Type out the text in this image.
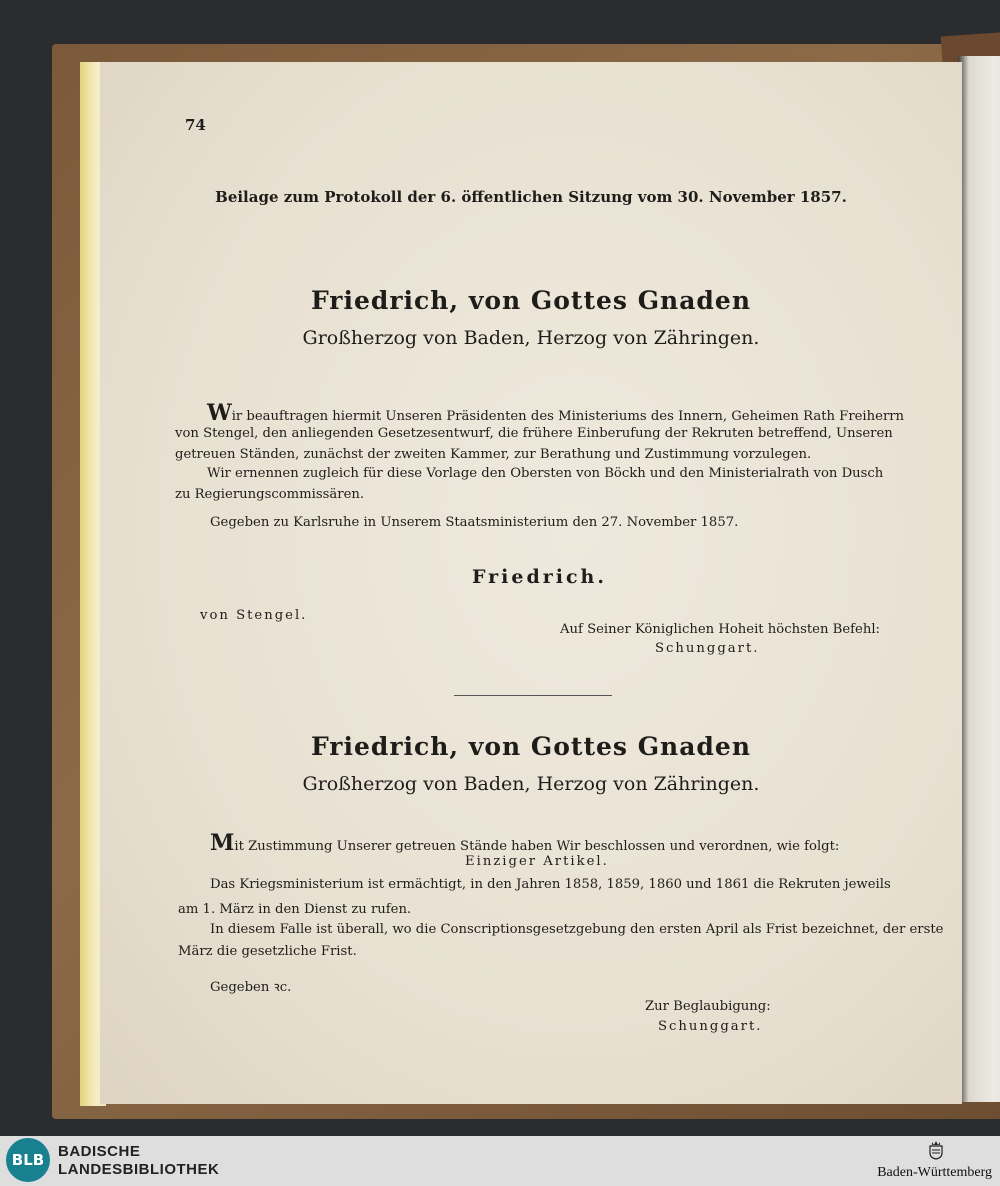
74
Beilage zum Protokoll der 6. öffentlichen Sitzung vom 30. November 1857.
Friedrich, von Gottes Gnaden
Großherzog von Baden, Herzog von Zähringen.
Wir beauftragen hiermit Unseren Präsidenten des Ministeriums des Innern, Geheimen Rath Freiherrn
von Stengel, den anliegenden Gesetzesentwurf, die frühere Einberufung der Rekruten betreffend, Unseren
getreuen Ständen, zunächst der zweiten Kammer, zur Berathung und Zustimmung vorzulegen.
Wir ernennen zugleich für diese Vorlage den Obersten von Böckh und den Ministerialrath von Dusch
zu Regierungscommissären.
Gegeben zu Karlsruhe in Unserem Staatsministerium den 27. November 1857.
Friedrich.
von Stengel.
Auf Seiner Königlichen Hoheit höchsten Befehl:
Schunggart.
Friedrich, von Gottes Gnaden
Großherzog von Baden, Herzog von Zähringen.
Mit Zustimmung Unserer getreuen Stände haben Wir beschlossen und verordnen, wie folgt:
Einziger Artikel.
Das Kriegsministerium ist ermächtigt, in den Jahren 1858, 1859, 1860 und 1861 die Rekruten jeweils
am 1. März in den Dienst zu rufen.
In diesem Falle ist überall, wo die Conscriptionsgesetzgebung den ersten April als Frist bezeichnet, der erste
März die gesetzliche Frist.
Gegeben ꝛc.
Zur Beglaubigung:
Schunggart.
BLB BADISCHE
LANDESBIBLIOTHEK	Baden-Württemberg
